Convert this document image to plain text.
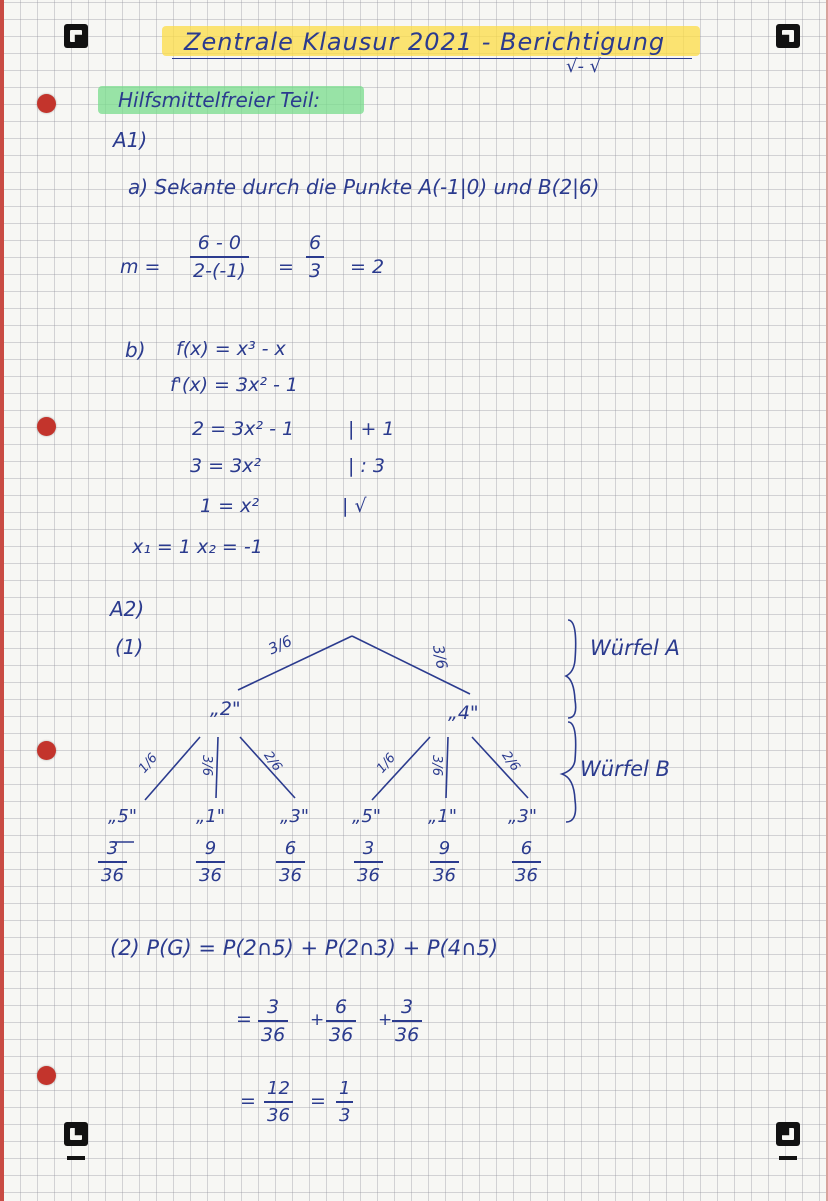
Zentrale Klausur 2021 - Berichtigung
√- √
Hilfsmittelfreier Teil:
A1)
a) Sekante durch die Punkte A(-1|0) und B(2|6)
$m = \frac{6 - 0}{2-(-1)} = \frac{6}{3} = 2$
b) f(x) = x³ - x
f'(x) = 3x² - 1
2 = 3x² - 1	| + 1
3 = 3x²	| : 3
1 = x²	| √
x₁ = 1 x₂ = -1
A2)
(1)	Würfel A
Würfel B
3/6	3/6
„2"	„4"
1/6	3/6	2/6	1/6 3/6	2/6
„5"	„1"	„3" „5"	„1"	„3"
$\frac{3}{36}$	$\frac{9}{36}$	$\frac{6}{36}$	$\frac{3}{36}$	$\frac{9}{36}$	$\frac{6}{36}$
(2) P(G) = P(2∩5) + P(2∩3) + P(4∩5)
= $\frac{3}{36} + \frac{6}{36} + \frac{3}{36}$
= $\frac{12}{36} = \frac{1}{3}$
